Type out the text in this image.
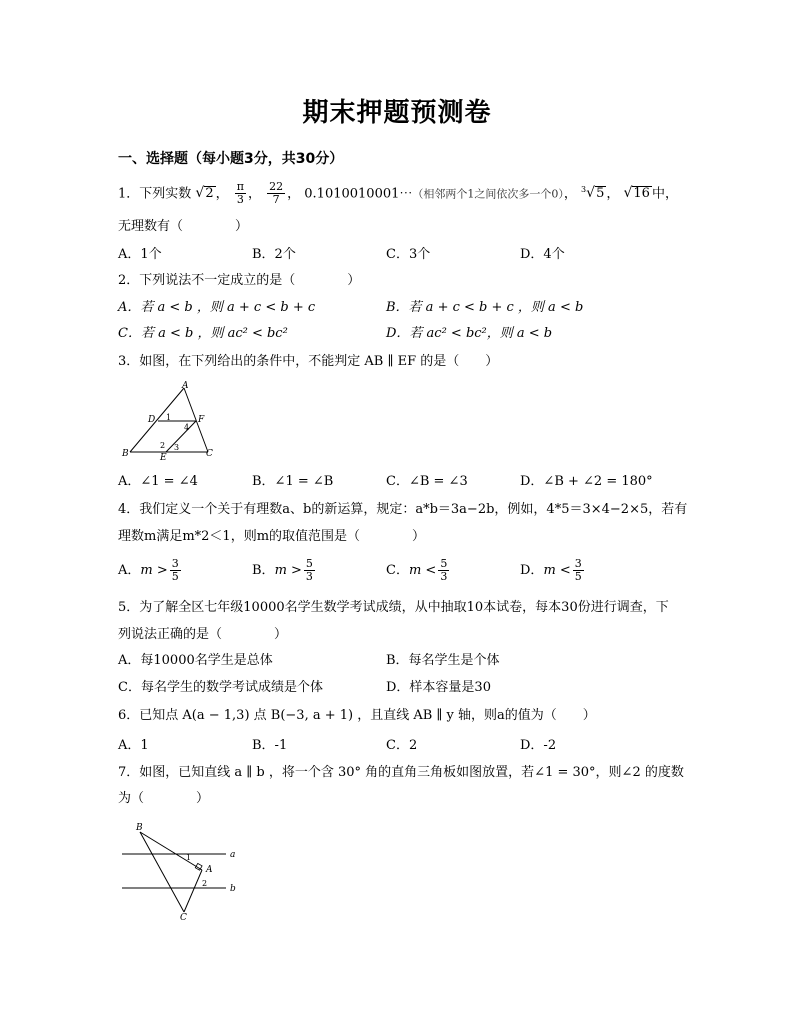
期末押题预测卷
一、选择题（每小题3分，共30分）
1．下列实数 √2 ， $\frac{\pi}{3}$ ， $\frac{22}{7}$ ， 0.1010010001⋯（相邻两个1之间依次多一个0）， $^3$√5 ， √16 中，
无理数有（　　　　）
A．1个	B．2个	C．3个	D．4个
2．下列说法不一定成立的是（　　　　）
A．若 a < b ，则 a + c < b + c	B．若 a + c < b + c ，则 a < b
C．若 a < b ，则 ac² < bc²	D．若 ac² < bc²，则 a < b
3．如图，在下列给出的条件中，不能判定 AB ∥ EF 的是（　　）
A
D	F
B	C
E
1
4
2 3
A．∠1 = ∠4	B．∠1 = ∠B	C．∠B = ∠3	D．∠B + ∠2 = 180°
4．我们定义一个关于有理数a、b的新运算，规定：a*b＝3a−2b，例如，4*5＝3×4−2×5，若有
理数m满足m*2＜1，则m的取值范围是（　　　　）
A．$m > \frac{3}{5}$	B．$m > \frac{5}{3}$	C．$m < \frac{5}{3}$	D．$m < \frac{3}{5}$
5．为了解全区七年级10000名学生数学考试成绩，从中抽取10本试卷，每本30份进行调查，下
列说法正确的是（　　　　）
A．每10000名学生是总体	B．每名学生是个体
C．每名学生的数学考试成绩是个体	D．样本容量是30
6．已知点 A(a − 1,3) 点 B(−3, a + 1) ，且直线 AB ∥ y 轴，则a的值为（　　）
A．1	B．-1	C．2	D．-2
7．如图，已知直线 a ∥ b ，将一个含 30° 角的直角三角板如图放置，若∠1 = 30°，则∠2 的度数
为（　　　　）
B
A
C
a
b
1
2
